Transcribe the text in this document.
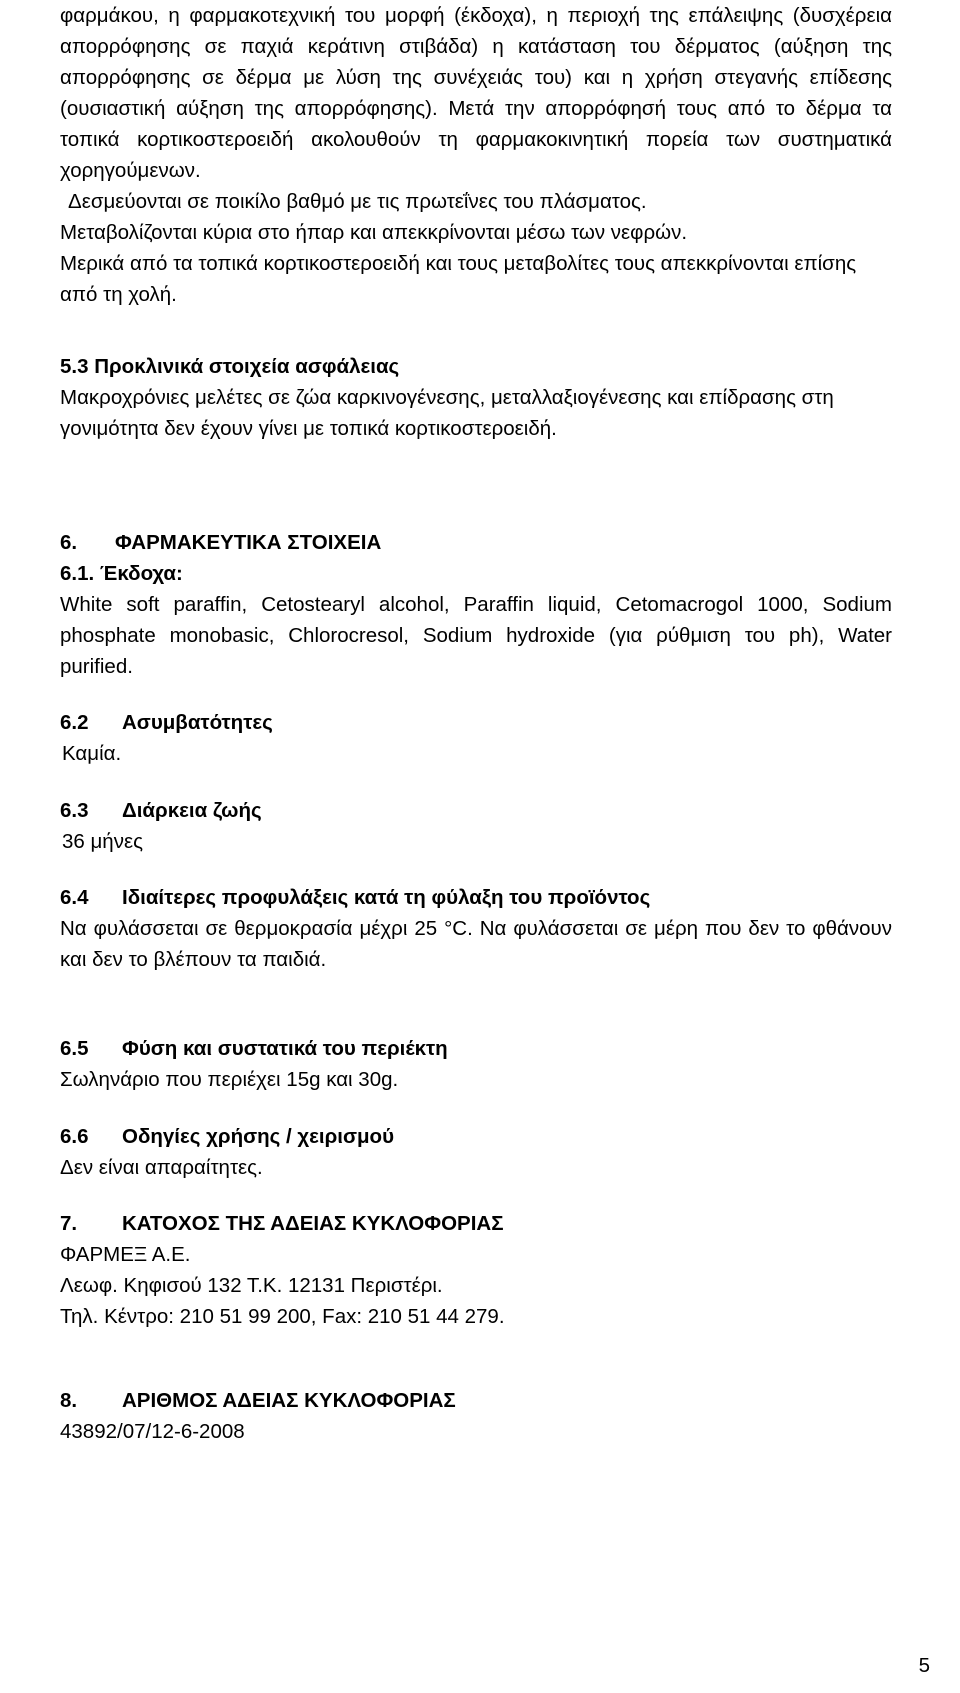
φαρμάκου, η φαρμακοτεχνική του μορφή (έκδοχα), η περιοχή της επάλειψης (δυσχέρεια απορρόφησης σε παχιά κεράτινη στιβάδα) η κατάσταση του δέρματος (αύξηση της απορρόφησης σε δέρμα με λύση της συνέχειάς του) και η χρήση στεγανής επίδεσης (ουσιαστική αύξηση της απορρόφησης). Μετά την απορρόφησή τους από το δέρμα τα τοπικά κορτικοστεροειδή ακολουθούν τη φαρμακοκινητική πορεία των συστηματικά χορηγούμενων.

Δεσμεύονται σε ποικίλο βαθμό με τις πρωτεΐνες του πλάσματος.

Μεταβολίζονται κύρια στο ήπαρ και απεκκρίνονται μέσω των νεφρών.

Μερικά από τα τοπικά κορτικοστεροειδή και τους μεταβολίτες τους απεκκρίνονται επίσης από τη χολή.

5.3 Προκλινικά στοιχεία ασφάλειας

Μακροχρόνιες μελέτες σε ζώα καρκινογένεσης, μεταλλαξιογένεσης και επίδρασης στη γονιμότητα δεν έχουν γίνει με τοπικά κορτικοστεροειδή.

6. ΦΑΡΜΑΚΕΥΤΙΚΑ ΣΤΟΙΧΕΙΑ

6.1. Έκδοχα:

White soft paraffin, Cetostearyl alcohol, Paraffin liquid, Cetomacrogol 1000, Sodium phosphate monobasic, Chlorocresol, Sodium hydroxide (για ρύθμιση του ph), Water purified.

6.2 Ασυμβατότητες

Καμία.

6.3 Διάρκεια ζωής

36 μήνες

6.4 Ιδιαίτερες προφυλάξεις κατά τη φύλαξη του προϊόντος

Να φυλάσσεται σε θερμοκρασία μέχρι 25 °C. Να φυλάσσεται σε μέρη που δεν το φθάνουν και δεν το βλέπουν τα παιδιά.

6.5 Φύση και συστατικά του περιέκτη

Σωληνάριο που περιέχει 15g και 30g.

6.6 Οδηγίες χρήσης / χειρισμού

Δεν είναι απαραίτητες.

7. ΚΑΤΟΧΟΣ ΤΗΣ ΑΔΕΙΑΣ ΚΥΚΛΟΦΟΡΙΑΣ

ΦΑΡΜΕΞ Α.Ε.

Λεωφ. Κηφισού 132 Τ.Κ. 12131 Περιστέρι.

Τηλ. Κέντρο: 210 51 99 200, Fax: 210 51 44 279.

8. ΑΡΙΘΜΟΣ ΑΔΕΙΑΣ ΚΥΚΛΟΦΟΡΙΑΣ

43892/07/12-6-2008

5
